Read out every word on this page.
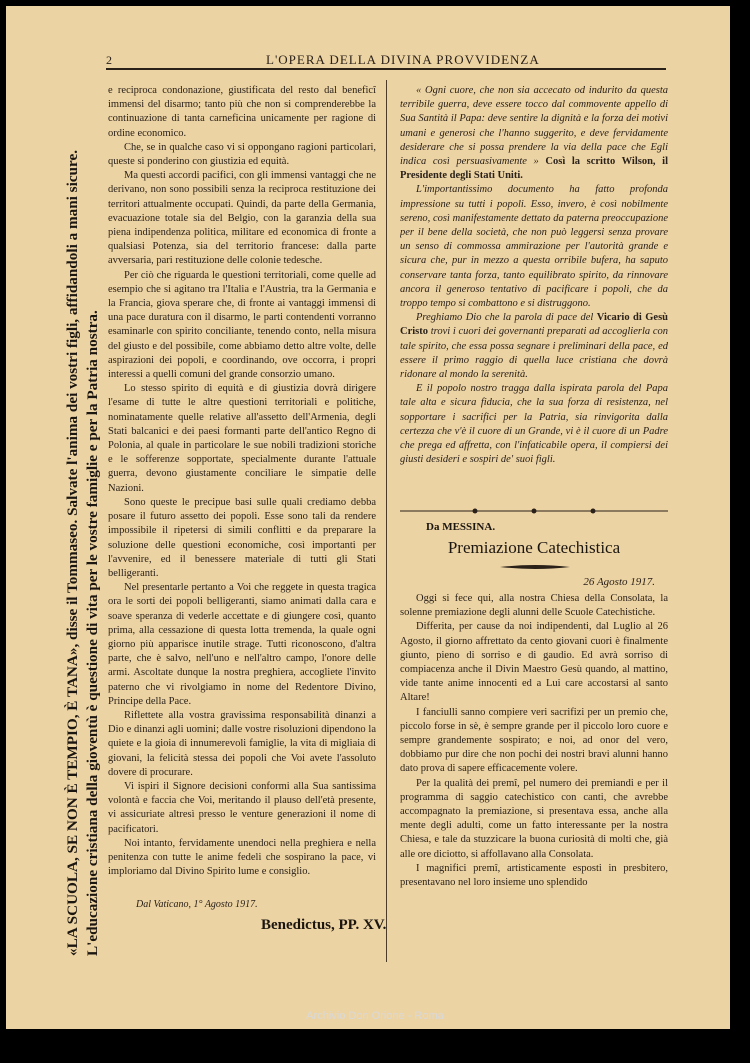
2	L'OPERA DELLA DIVINA PROVVIDENZA
«LA SCUOLA, SE NON È TEMPIO, È TANA», disse il Tommaseo. Salvate l'anima dei vostri figli, affidandoli a mani sicure. L'educazione cristiana della gioventù è questione di vita per le vostre famiglie e per la Patria nostra.

e reciproca condonazione, giustificata del resto dal beneficî immensi del disarmo; tanto più che non si comprenderebbe la continuazione di tanta carneficina unicamente per ragione di ordine economico.

Che, se in qualche caso vi si oppongano ragioni particolari, queste si ponderino con giustizia ed equità.

Ma questi accordi pacifici, con gli immensi vantaggi che ne derivano, non sono possibili senza la reciproca restituzione dei territori attualmente occupati. Quindi, da parte della Germania, evacuazione totale sia del Belgio, con la garanzia della sua piena indipendenza politica, militare ed economica di fronte a qualsiasi Potenza, sia del territorio francese: dalla parte avversaria, pari restituzione delle colonie tedesche.

Per ciò che riguarda le questioni territoriali, come quelle ad esempio che si agitano tra l'Italia e l'Austria, tra la Germania e la Francia, giova sperare che, di fronte ai vantaggi immensi di una pace duratura con il disarmo, le parti contendenti vorranno esaminarle con spirito conciliante, tenendo conto, nella misura del giusto e del possibile, come abbiamo detto altre volte, delle aspirazioni dei popoli, e coordinando, ove occorra, i propri interessi a quelli comuni del grande consorzio umano.

Lo stesso spirito di equità e di giustizia dovrà dirigere l'esame di tutte le altre questioni territoriali e politiche, nominatamente quelle relative all'assetto dell'Armenia, degli Stati balcanici e dei paesi formanti parte dell'antico Regno di Polonia, al quale in particolare le sue nobili tradizioni storiche e le sofferenze sopportate, specialmente durante l'attuale guerra, devono giustamente conciliare le simpatie delle Nazioni.

Sono queste le precipue basi sulle quali crediamo debba posare il futuro assetto dei popoli. Esse sono tali da rendere impossibile il ripetersi di simili conflitti e da preparare la soluzione delle questioni economiche, così importanti per l'avvenire, ed il benessere materiale di tutti gli Stati belligeranti.

Nel presentarle pertanto a Voi che reggete in questa tragica ora le sorti dei popoli belligeranti, siamo animati dalla cara e soave speranza di vederle accettate e di giungere così, quanto prima, alla cessazione di questa lotta tremenda, la quale ogni giorno più apparisce inutile strage. Tutti riconoscono, d'altra parte, che è salvo, nell'uno e nell'altro campo, l'onore delle armi. Ascoltate dunque la nostra preghiera, accogliete l'invito paterno che vi rivolgiamo in nome del Redentore Divino, Principe della Pace.

Riflettete alla vostra gravissima responsabilità dinanzi a Dio e dinanzi agli uomini; dalle vostre risoluzioni dipendono la quiete e la gioia di innumerevoli famiglie, la vita di migliaia di giovani, la felicità stessa dei popoli che Voi avete l'assoluto dovere di procurare.

Vi ispiri il Signore decisioni conformi alla Sua santissima volontà e faccia che Voi, meritando il plauso dell'età presente, vi assicuriate altresì presso le venture generazioni il nome di pacificatori.

Noi intanto, fervidamente unendoci nella preghiera e nella penitenza con tutte le anime fedeli che sospirano la pace, vi imploriamo dal Divino Spirito lume e consiglio.

Dal Vaticano, 1° Agosto 1917.
Benedictus, PP. XV.

« Ogni cuore, che non sia accecato od indurito da questa terribile guerra, deve essere tocco dal commovente appello di Sua Santità il Papa: deve sentire la dignità e la forza dei motivi umani e generosi che l'hanno suggerito, e deve fervidamente desiderare che si possa prendere la via della pace che Egli indica così persuasivamente » Così la scritto Wilson, il Presidente degli Stati Uniti.

L'importantissimo documento ha fatto profonda impressione su tutti i popoli. Esso, invero, è così nobilmente sereno, così manifestamente dettato da paterna preoccupazione per il bene della società, che non può leggersi senza provare un senso di commossa ammirazione per l'autorità grande e sicura che, pur in mezzo a questa orribile bufera, ha saputo conservare tanta forza, tanto equilibrato spirito, da rinnovare ancora il generoso tentativo di pacificare i popoli, che da troppo tempo si combattono e si distruggono.

Preghiamo Dio che la parola di pace del Vicario di Gesù Cristo trovi i cuori dei governanti preparati ad accoglierla con tale spirito, che essa possa segnare i preliminari della pace, ed essere il primo raggio di quella luce cristiana che dovrà ridonare al mondo la serenità.

E il popolo nostro tragga dalla ispirata parola del Papa tale alta e sicura fiducia, che la sua forza di resistenza, nel sopportare i sacrifici per la Patria, sia rinvigorita dalla certezza che v'è il cuore di un Grande, vi è il cuore di un Padre che prega ed affretta, con l'infaticabile opera, il compiersi dei giusti desideri e sospiri de' suoi figli.

Da MESSINA.
Premiazione Catechistica
26 Agosto 1917.

Oggi si fece qui, alla nostra Chiesa della Consolata, la solenne premiazione degli alunni delle Scuole Catechistiche.

Differita, per cause da noi indipendenti, dal Luglio al 26 Agosto, il giorno affrettato da cento giovani cuori è finalmente giunto, pieno di sorriso e di gaudio. Ed avrà sorriso di compiacenza anche il Divin Maestro Gesù quando, al mattino, vide tante anime innocenti ed a Lui care accostarsi al santo Altare!

I fanciulli sanno compiere veri sacrifizi per un premio che, piccolo forse in sè, è sempre grande per il piccolo loro cuore e sempre grandemente sospirato; e noi, ad onor del vero, dobbiamo pur dire che non pochi dei nostri bravi alunni hanno dato prova di sapere efficacemente volere.

Per la qualità dei premî, pel numero dei premiandi e per il programma di saggio catechistico con canti, che avrebbe accompagnato la premiazione, si presentava essa, anche alla mente degli adulti, come un fatto interessante per la nostra Chiesa, e tale da stuzzicare la buona curiosità di molti che, già alle ore diciotto, si affollavano alla Consolata.

I magnifici premî, artisticamente esposti in presbitero, presentavano nel loro insieme uno splendido

Archivio Don Orione - Roma
